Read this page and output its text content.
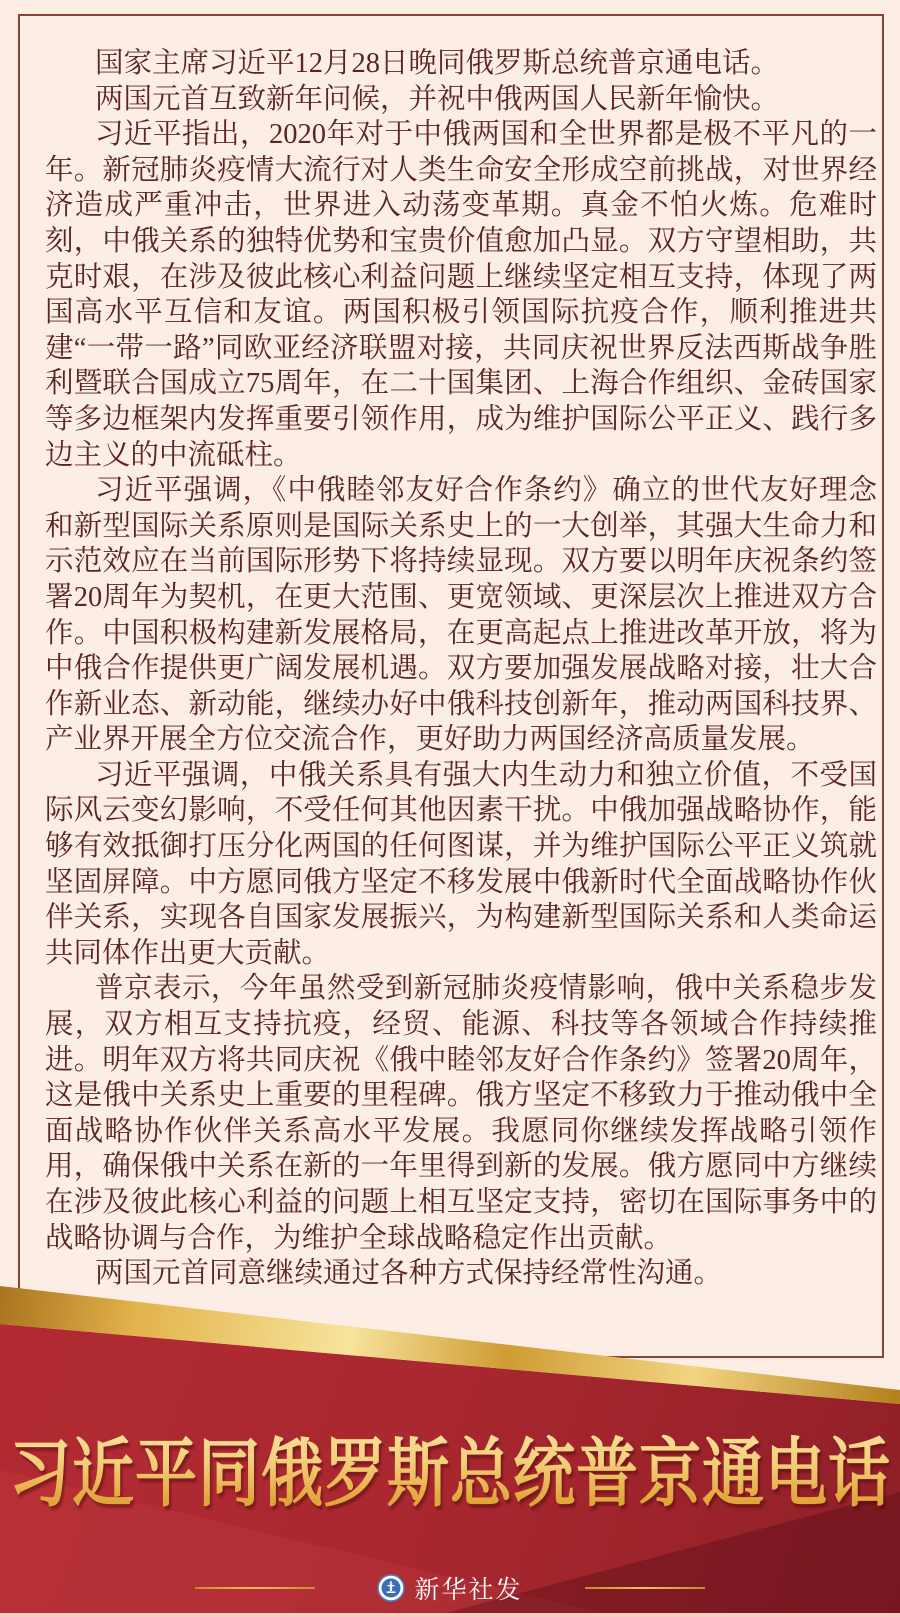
国家主席习近平12月28日晚同俄罗斯总统普京通电话。

两国元首互致新年问候，并祝中俄两国人民新年愉快。

习近平指出，2020年对于中俄两国和全世界都是极不平凡的一年。新冠肺炎疫情大流行对人类生命安全形成空前挑战，对世界经济造成严重冲击，世界进入动荡变革期。真金不怕火炼。危难时刻，中俄关系的独特优势和宝贵价值愈加凸显。双方守望相助，共克时艰，在涉及彼此核心利益问题上继续坚定相互支持，体现了两国高水平互信和友谊。两国积极引领国际抗疫合作，顺利推进共建“一带一路”同欧亚经济联盟对接，共同庆祝世界反法西斯战争胜利暨联合国成立75周年，在二十国集团、上海合作组织、金砖国家等多边框架内发挥重要引领作用，成为维护国际公平正义、践行多边主义的中流砥柱。

习近平强调，《中俄睦邻友好合作条约》确立的世代友好理念和新型国际关系原则是国际关系史上的一大创举，其强大生命力和示范效应在当前国际形势下将持续显现。双方要以明年庆祝条约签署20周年为契机，在更大范围、更宽领域、更深层次上推进双方合作。中国积极构建新发展格局，在更高起点上推进改革开放，将为中俄合作提供更广阔发展机遇。双方要加强发展战略对接，壮大合作新业态、新动能，继续办好中俄科技创新年，推动两国科技界、产业界开展全方位交流合作，更好助力两国经济高质量发展。

习近平强调，中俄关系具有强大内生动力和独立价值，不受国际风云变幻影响，不受任何其他因素干扰。中俄加强战略协作，能够有效抵御打压分化两国的任何图谋，并为维护国际公平正义筑就坚固屏障。中方愿同俄方坚定不移发展中俄新时代全面战略协作伙伴关系，实现各自国家发展振兴，为构建新型国际关系和人类命运共同体作出更大贡献。

普京表示，今年虽然受到新冠肺炎疫情影响，俄中关系稳步发展，双方相互支持抗疫，经贸、能源、科技等各领域合作持续推进。明年双方将共同庆祝《俄中睦邻友好合作条约》签署20周年，这是俄中关系史上重要的里程碑。俄方坚定不移致力于推动俄中全面战略协作伙伴关系高水平发展。我愿同你继续发挥战略引领作用，确保俄中关系在新的一年里得到新的发展。俄方愿同中方继续在涉及彼此核心利益的问题上相互坚定支持，密切在国际事务中的战略协调与合作，为维护全球战略稳定作出贡献。

两国元首同意继续通过各种方式保持经常性沟通。

习近平同俄罗斯总统普京通电话
新华社发
